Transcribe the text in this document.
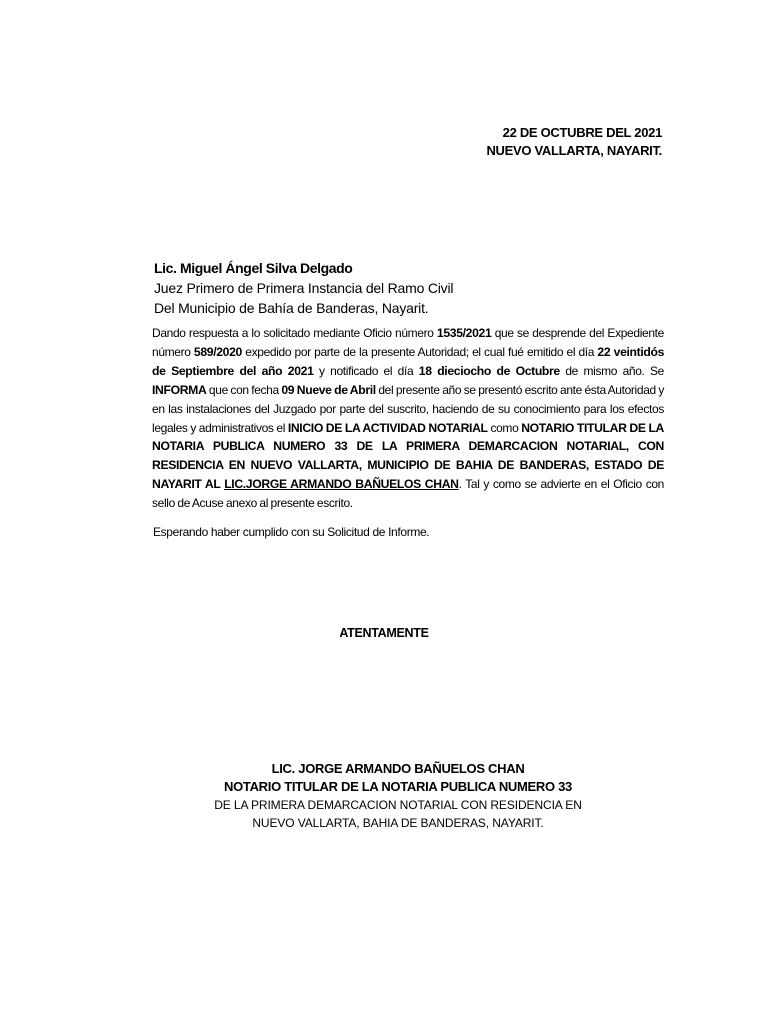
22 DE OCTUBRE DEL 2021
NUEVO VALLARTA, NAYARIT.
Lic. Miguel Ángel Silva Delgado
Juez Primero de Primera Instancia del Ramo Civil
Del Municipio de Bahía de Banderas, Nayarit.
Dando respuesta a lo solicitado mediante Oficio número 1535/2021 que se desprende del Expediente número 589/2020 expedido por parte de la presente Autoridad; el cual fué emitido el día 22 veintidós de Septiembre del año 2021 y notificado el día 18 dieciocho de Octubre de mismo año. Se INFORMA que con fecha 09 Nueve de Abril del presente año se presentó escrito ante ésta Autoridad y en las instalaciones del Juzgado por parte del suscrito, haciendo de su conocimiento para los efectos legales y administrativos el INICIO DE LA ACTIVIDAD NOTARIAL como NOTARIO TITULAR DE LA NOTARIA PUBLICA NUMERO 33 DE LA PRIMERA DEMARCACION NOTARIAL, CON RESIDENCIA EN NUEVO VALLARTA, MUNICIPIO DE BAHIA DE BANDERAS, ESTADO DE NAYARIT AL LIC.JORGE ARMANDO BAÑUELOS CHAN. Tal y como se advierte en el Oficio con sello de Acuse anexo al presente escrito.
Esperando haber cumplido con su Solicitud de Informe.
ATENTAMENTE
LIC. JORGE ARMANDO BAÑUELOS CHAN
NOTARIO TITULAR DE LA NOTARIA PUBLICA NUMERO 33
DE LA PRIMERA DEMARCACION NOTARIAL CON RESIDENCIA EN
NUEVO VALLARTA, BAHIA DE BANDERAS, NAYARIT.
